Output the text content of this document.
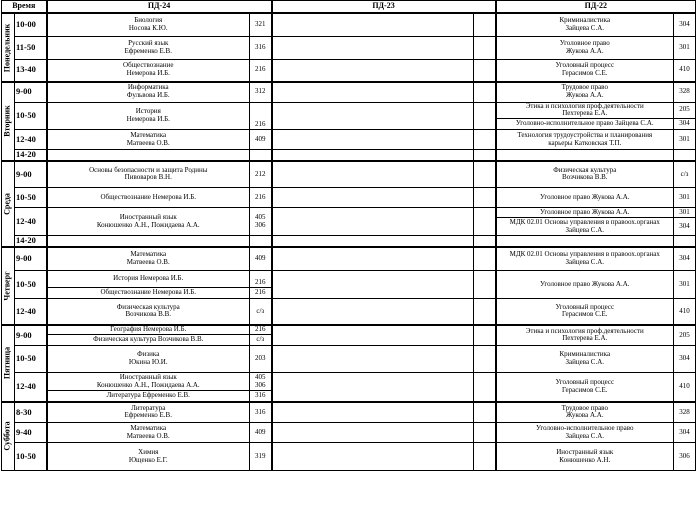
Время		ПД-24		ПД-23		ПД-22	

Понедельник	10-00	Биология
Носова К.Ю.	321			Криминалистика
Зайцева С.А.	304
	11-50	Русский язык
Ефременко Е.В.	316			Уголовное право
Жукова А.А.	301
	13-40	Обществознание
Немерова И.Б.	216			Уголовный процесс
Герасимов С.Е.	410

Вторник	9-00	Информатика
Фульвова И.Б.	312			Трудовое право
Жукова А.А.	328
	10-50	История
Немерова И.Б.	216			Этика и психология проф.деятельности
Пехтерева Е.А.	205
						Уголовно-исполнительное право Зайцева С.А.	304
	12-40	Математика
Матвеева О.В.	409			Технология трудоустройства и планирования
карьеры Катковская Т.П.	301
	14-20						

Среда	9-00	Основы безопасности и защита Родины
Пивоваров В.Н.	212			Физическая культура
Возчикова В.В.	с/з
	10-50	Обществознание Немерова И.Б.	216			Уголовное право Жукова А.А.	301
	12-40	Иностранный язык
Конюшенко А.Н., Пожидаева А.А.	405
306			Уголовное право Жукова А.А.	301
						МДК 02.01 Основы управления в правоох.органах
Зайцева С.А.	304
	14-20						

Четверг	9-00	Математика
Матвеева О.В.	409			МДК 02.01 Основы управления в правоох.органах
Зайцева С.А.	304
	10-50	История Немерова И.Б.	216			Уголовное право Жукова А.А.	301
		Обществознание Немерова И.Б.	216				
	12-40	Физическая культура
Возчикова В.В.	с/з			Уголовный процесс
Герасимов С.Е.	410

Пятница	9-00	География Немерова И.Б.	216			Этика и психология проф.деятельности
Пехтерева Е.А.	205
		Физическая культура Возчикова В.В.	с/з				
	10-50	Физика
Юкина Ю.И.	203			Криминалистика
Зайцева С.А.	304
	12-40	Иностранный язык
Конюшенко А.Н., Пожидаева А.А.	405
306			Уголовный процесс
Герасимов С.Е.	410
		Литература Ефременко Е.В.	316				

Суббота	8-30	Литература
Ефременко Е.В.	316			Трудовое право
Жукова А.А.	328
	9-40	Математика
Матвеева О.В.	409			Уголовно-исполнительное право
Зайцева С.А.	304
	10-50	Химия
Ющенко Е.Г.	319			Иностранный язык
Конюшенко А.Н.	306
